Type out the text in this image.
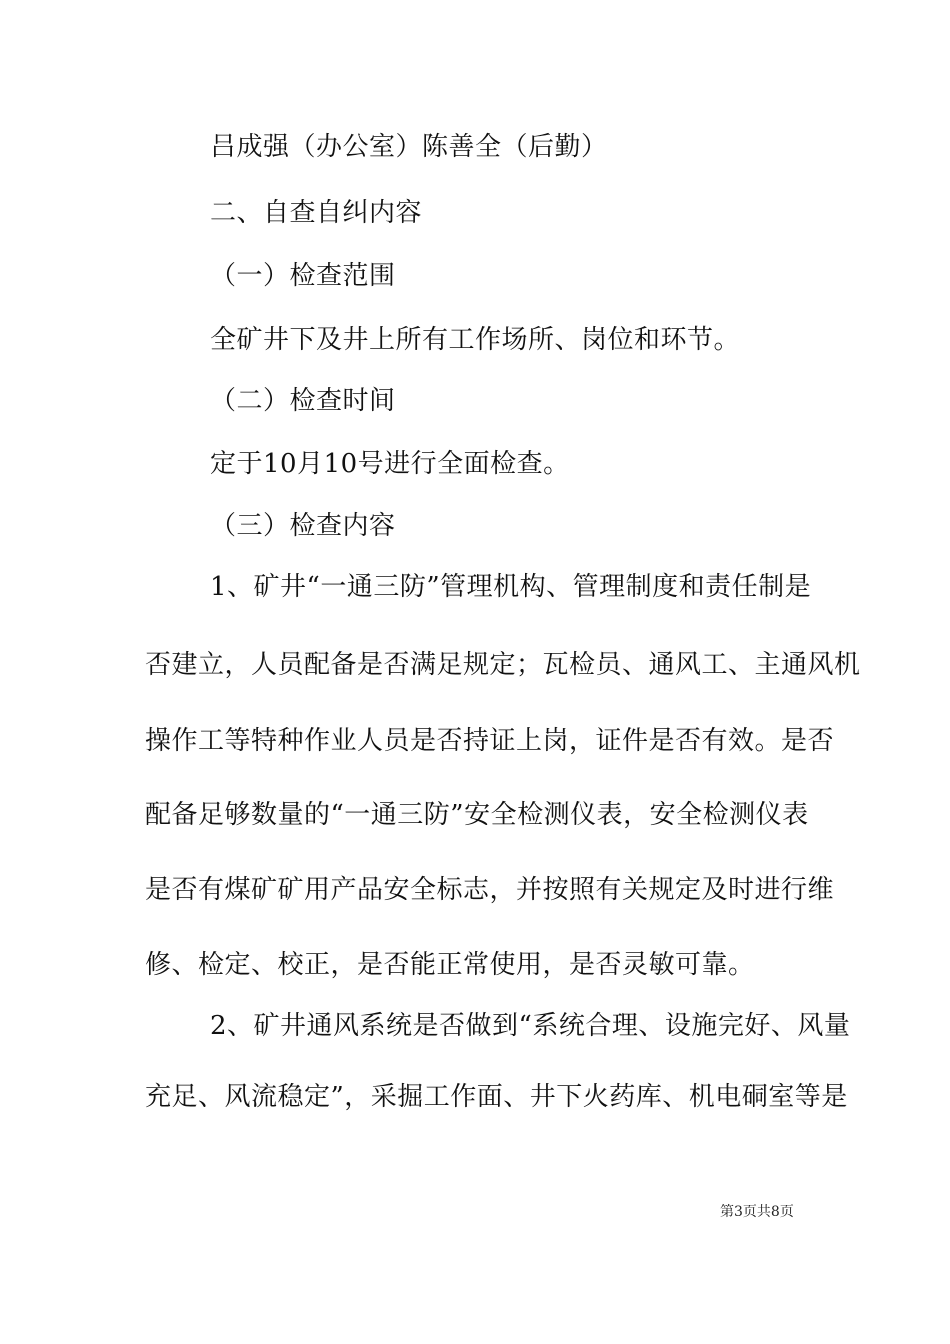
吕成强（办公室）陈善全（后勤）
二、自查自纠内容
（一）检查范围
全矿井下及井上所有工作场所、岗位和环节。
（二）检查时间
定于10月10号进行全面检查。
（三）检查内容
1、矿井“一通三防”管理机构、管理制度和责任制是
否建立，人员配备是否满足规定；瓦检员、通风工、主通风机
操作工等特种作业人员是否持证上岗，证件是否有效。是否
配备足够数量的“一通三防”安全检测仪表，安全检测仪表
是否有煤矿矿用产品安全标志，并按照有关规定及时进行维
修、检定、校正，是否能正常使用，是否灵敏可靠。
2、矿井通风系统是否做到“系统合理、设施完好、风量
充足、风流稳定”，采掘工作面、井下火药库、机电硐室等是
第3页共8页
